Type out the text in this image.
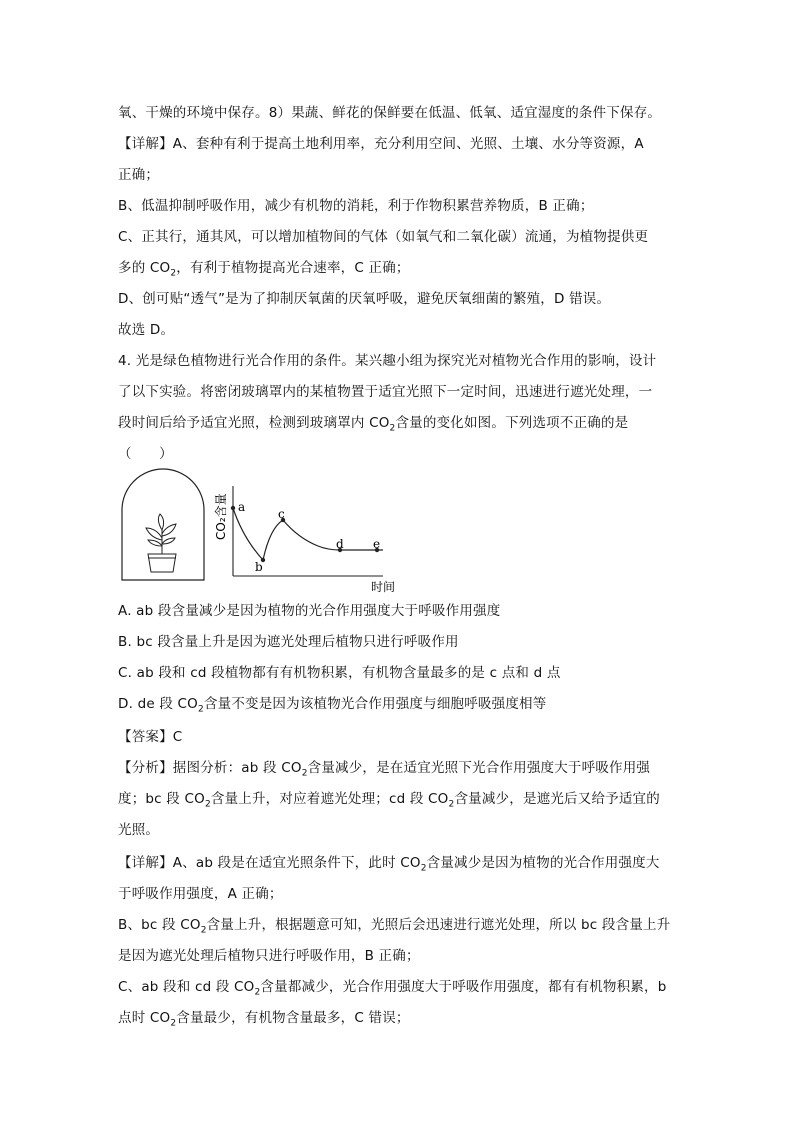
氧、干燥的环境中保存。8）果蔬、鲜花的保鲜要在低温、低氧、适宜湿度的条件下保存。
【详解】A、套种有利于提高土地利用率，充分利用空间、光照、土壤、水分等资源，A
正确；
B、低温抑制呼吸作用，减少有机物的消耗，利于作物积累营养物质，B 正确；
C、正其行，通其风，可以增加植物间的气体（如氧气和二氧化碳）流通，为植物提供更
多的 $CO_2$，有利于植物提高光合速率，C 正确；
D、创可贴“透气”是为了抑制厌氧菌的厌氧呼吸，避免厌氧细菌的繁殖，D 错误。
故选 D。
4. 光是绿色植物进行光合作用的条件。某兴趣小组为探究光对植物光合作用的影响，设计
了以下实验。将密闭玻璃罩内的某植物置于适宜光照下一定时间，迅速进行遮光处理，一
段时间后给予适宜光照，检测到玻璃罩内 $CO_2$含量的变化如图。下列选项不正确的是
（　　）
a
b
c
d e
CO₂含量
时间
A. ab 段含量减少是因为植物的光合作用强度大于呼吸作用强度
B. bc 段含量上升是因为遮光处理后植物只进行呼吸作用
C. ab 段和 cd 段植物都有有机物积累，有机物含量最多的是 c 点和 d 点
D. de 段 $CO_2$含量不变是因为该植物光合作用强度与细胞呼吸强度相等
【答案】C
【分析】据图分析：ab 段 $CO_2$含量减少，是在适宜光照下光合作用强度大于呼吸作用强
度；bc 段 $CO_2$含量上升，对应着遮光处理；cd 段 $CO_2$含量减少，是遮光后又给予适宜的
光照。
【详解】A、ab 段是在适宜光照条件下，此时 $CO_2$含量减少是因为植物的光合作用强度大
于呼吸作用强度，A 正确；
B、bc 段 $CO_2$含量上升，根据题意可知，光照后会迅速进行遮光处理，所以 bc 段含量上升
是因为遮光处理后植物只进行呼吸作用，B 正确；
C、ab 段和 cd 段 $CO_2$含量都减少，光合作用强度大于呼吸作用强度，都有有机物积累，b
点时 $CO_2$含量最少，有机物含量最多，C 错误；
